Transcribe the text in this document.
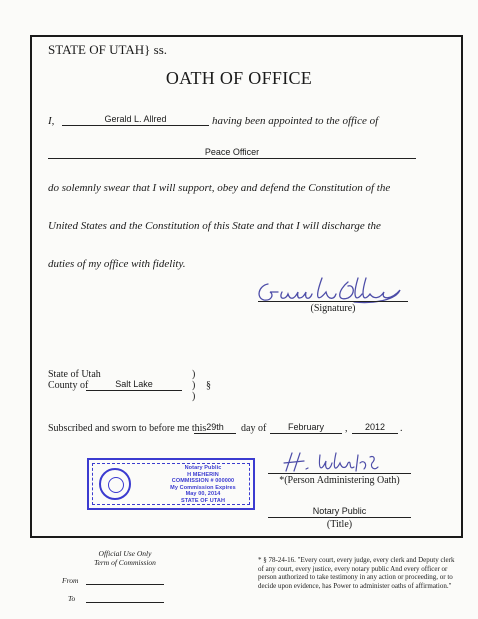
STATE OF UTAH} ss.
OATH OF OFFICE
I,	Gerald L. Allred	having been appointed to the office of
Peace Officer
do solemnly swear that I will support, obey and defend the Constitution of the
United States and the Constitution of this State and that I will discharge the
duties of my office with fidelity.
(Signature)
State of Utah
County of	Salt Lake
)
)
)
§
Subscribed and sworn to before me this 29th	day of	February	,	2012	.
Notary Public
H MEHERIN
COMMISSION # 000000
My Commission Expires
May 00, 2014
STATE OF UTAH
*(Person Administering Oath)
Notary Public
(Title)
Official Use Only
Term of Commission
From
To
* § 78-24-16. "Every court, every judge, every clerk and Deputy clerk of any court, every justice, every notary public And every officer or person authorized to take testimony in any action or proceeding, or to decide upon evidence, has Power to administer oaths of affirmation."
